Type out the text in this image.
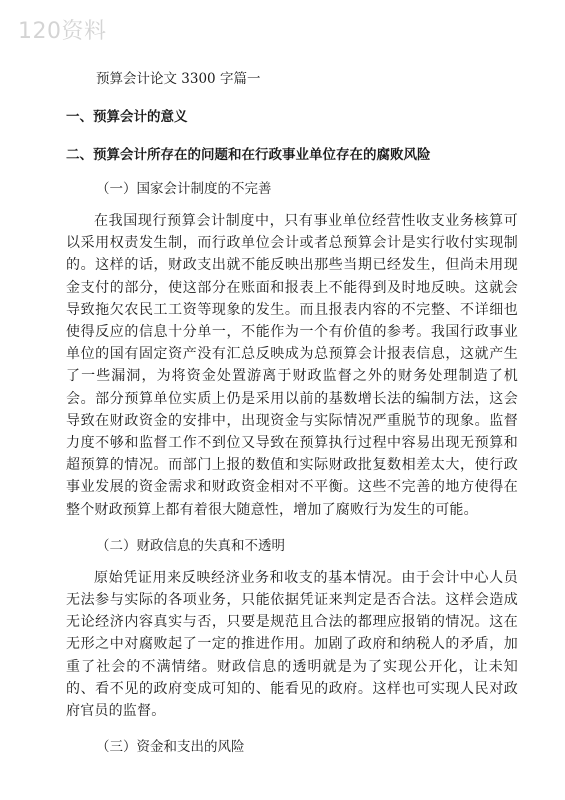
120资料
预算会计论文 3300 字篇一
一、预算会计的意义
二、预算会计所存在的问题和在行政事业单位存在的腐败风险
（一）国家会计制度的不完善

在我国现行预算会计制度中，只有事业单位经营性收支业务核算可以采用权责发生制，而行政单位会计或者总预算会计是实行收付实现制的。这样的话，财政支出就不能反映出那些当期已经发生，但尚未用现金支付的部分，使这部分在账面和报表上不能得到及时地反映。这就会导致拖欠农民工工资等现象的发生。而且报表内容的不完整、不详细也使得反应的信息十分单一，不能作为一个有价值的参考。我国行政事业单位的国有固定资产没有汇总反映成为总预算会计报表信息，这就产生了一些漏洞，为将资金处置游离于财政监督之外的财务处理制造了机会。部分预算单位实质上仍是采用以前的基数增长法的编制方法，这会导致在财政资金的安排中，出现资金与实际情况严重脱节的现象。监督力度不够和监督工作不到位又导致在预算执行过程中容易出现无预算和超预算的情况。而部门上报的数值和实际财政批复数相差太大，使行政事业发展的资金需求和财政资金相对不平衡。这些不完善的地方使得在整个财政预算上都有着很大随意性，增加了腐败行为发生的可能。

（二）财政信息的失真和不透明

原始凭证用来反映经济业务和收支的基本情况。由于会计中心人员无法参与实际的各项业务，只能依据凭证来判定是否合法。这样会造成无论经济内容真实与否，只要是规范且合法的都理应报销的情况。这在无形之中对腐败起了一定的推进作用。加剧了政府和纳税人的矛盾，加重了社会的不满情绪。财政信息的透明就是为了实现公开化，让未知的、看不见的政府变成可知的、能看见的政府。这样也可实现人民对政府官员的监督。

（三）资金和支出的风险
